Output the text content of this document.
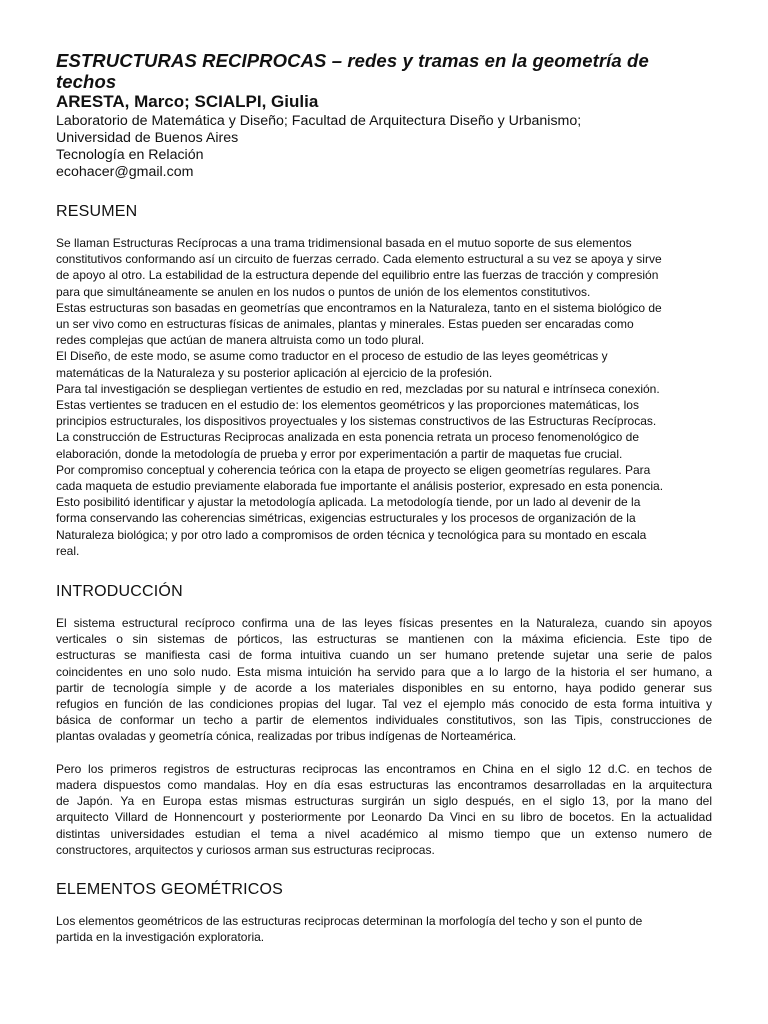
ESTRUCTURAS RECIPROCAS – redes y tramas en la geometría de

techos

ARESTA, Marco; SCIALPI, Giulia

Laboratorio de Matemática y Diseño; Facultad de Arquitectura Diseño y Urbanismo;

Universidad de Buenos Aires

Tecnología en Relación

ecohacer@gmail.com

RESUMEN
Se llaman Estructuras Recíprocas a una trama tridimensional basada en el mutuo soporte de sus elementos
constitutivos conformando así un circuito de fuerzas cerrado. Cada elemento estructural a su vez se apoya y sirve
de apoyo al otro. La estabilidad de la estructura depende del equilibrio entre las fuerzas de tracción y compresión
para que simultáneamente se anulen en los nudos o puntos de unión de los elementos constitutivos.
Estas estructuras son basadas en geometrías que encontramos en la Naturaleza, tanto en el sistema biológico de
un ser vivo como en estructuras físicas de animales, plantas y minerales. Estas pueden ser encaradas como
redes complejas que actúan de manera altruista como un todo plural.
El Diseño, de este modo, se asume como traductor en el proceso de estudio de las leyes geométricas y
matemáticas de la Naturaleza y su posterior aplicación al ejercicio de la profesión.
Para tal investigación se despliegan vertientes de estudio en red, mezcladas por su natural e intrínseca conexión.
Estas vertientes se traducen en el estudio de: los elementos geométricos y las proporciones matemáticas, los
principios estructurales, los dispositivos proyectuales y los sistemas constructivos de las Estructuras Recíprocas.
La construcción de Estructuras Reciprocas analizada en esta ponencia retrata un proceso fenomenológico de
elaboración, donde la metodología de prueba y error por experimentación a partir de maquetas fue crucial.
Por compromiso conceptual y coherencia teórica con la etapa de proyecto se eligen geometrías regulares. Para
cada maqueta de estudio previamente elaborada fue importante el análisis posterior, expresado en esta ponencia.
Esto posibilitó identificar y ajustar la metodología aplicada. La metodología tiende, por un lado al devenir de la
forma conservando las coherencias simétricas, exigencias estructurales y los procesos de organización de la
Naturaleza biológica; y por otro lado a compromisos de orden técnica y tecnológica para su montado en escala
real.
INTRODUCCIÓN
El sistema estructural recíproco confirma una de las leyes físicas presentes en la Naturaleza, cuando sin apoyos
verticales o sin sistemas de pórticos, las estructuras se mantienen con la máxima eficiencia. Este tipo de
estructuras se manifiesta casi de forma intuitiva cuando un ser humano pretende sujetar una serie de palos
coincidentes en uno solo nudo. Esta misma intuición ha servido para que a lo largo de la historia el ser humano, a
partir de tecnología simple y de acorde a los materiales disponibles en su entorno, haya podido generar sus
refugios en función de las condiciones propias del lugar. Tal vez el ejemplo más conocido de esta forma intuitiva y
básica de conformar un techo a partir de elementos individuales constitutivos, son las Tipis, construcciones de
plantas ovaladas y geometría cónica, realizadas por tribus indígenas de Norteamérica.
Pero los primeros registros de estructuras reciprocas las encontramos en China en el siglo 12 d.C. en techos de
madera dispuestos como mandalas. Hoy en día esas estructuras las encontramos desarrolladas en la arquitectura
de Japón. Ya en Europa estas mismas estructuras surgirán un siglo después, en el siglo 13, por la mano del
arquitecto Villard de Honnencourt y posteriormente por Leonardo Da Vinci en su libro de bocetos. En la actualidad
distintas universidades estudian el tema a nivel académico al mismo tiempo que un extenso numero de
constructores, arquitectos y curiosos arman sus estructuras reciprocas.
ELEMENTOS GEOMÉTRICOS
Los elementos geométricos de las estructuras reciprocas determinan la morfología del techo y son el punto de
partida en la investigación exploratoria.
